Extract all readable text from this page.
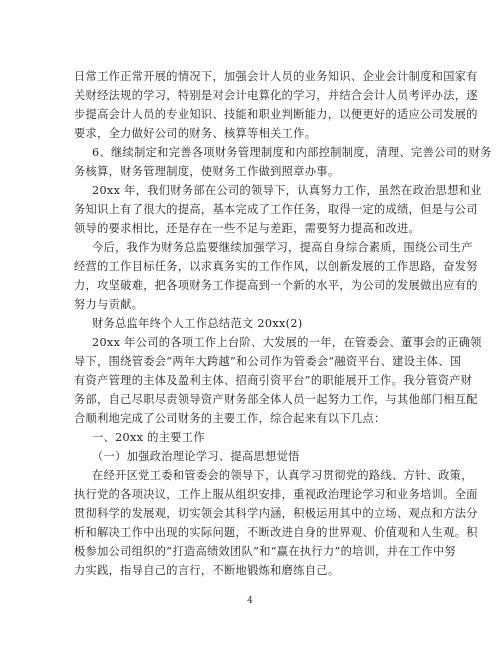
日常工作正常开展的情况下，加强会计人员的业务知识、企业会计制度和国家有
关财经法规的学习，特别是对会计电算化的学习，并结合会计人员考评办法，逐
步提高会计人员的专业知识、技能和职业判断能力，以便更好的适应公司发展的
要求，全力做好公司的财务、核算等相关工作。
6、继续制定和完善各项财务管理制度和内部控制制度，清理、完善公司的财务
务核算，财务管理制度，使财务工作做到照章办事。
20xx 年，我们财务部在公司的领导下，认真努力工作，虽然在政治思想和业
务知识上有了很大的提高，基本完成了工作任务，取得一定的成绩，但是与公司
领导的要求相比，还是存在一些不足与差距，需要努力提高和改进。
今后，我作为财务总监要继续加强学习，提高自身综合素质，围绕公司生产
经营的工作目标任务，以求真务实的工作作风，以创新发展的工作思路，奋发努
力，攻坚破难，把各项财务工作提高到一个新的水平，为公司的发展做出应有的
努力与贡献。
财务总监年终个人工作总结范文 20xx(2)
20xx 年公司的各项工作上台阶、大发展的一年，在管委会、董事会的正确领
导下，围绕管委会“两年大跨越”和公司作为管委会“融资平台、建设主体、国
有资产管理的主体及盈利主体、招商引资平台”的职能展开工作。我分管资产财
务部，自己尽职尽责领导资产财务部全体人员一起努力工作，与其他部门相互配
合顺利地完成了公司财务的主要工作，综合起来有以下几点：
一、20xx 的主要工作
（一）加强政治理论学习、提高思想觉悟
在经开区党工委和管委会的领导下，认真学习贯彻党的路线、方针、政策，
执行党的各项决议，工作上服从组织安排，重视政治理论学习和业务培训。全面
贯彻科学的发展观，切实领会其科学内涵，积极运用其中的立场、观点和方法分
析和解决工作中出现的实际问题，不断改进自身的世界观、价值观和人生观。积
极参加公司组织的“打造高绩效团队”和“赢在执行力”的培训，并在工作中努
力实践，指导自己的言行，不断地锻炼和磨练自己。
4
